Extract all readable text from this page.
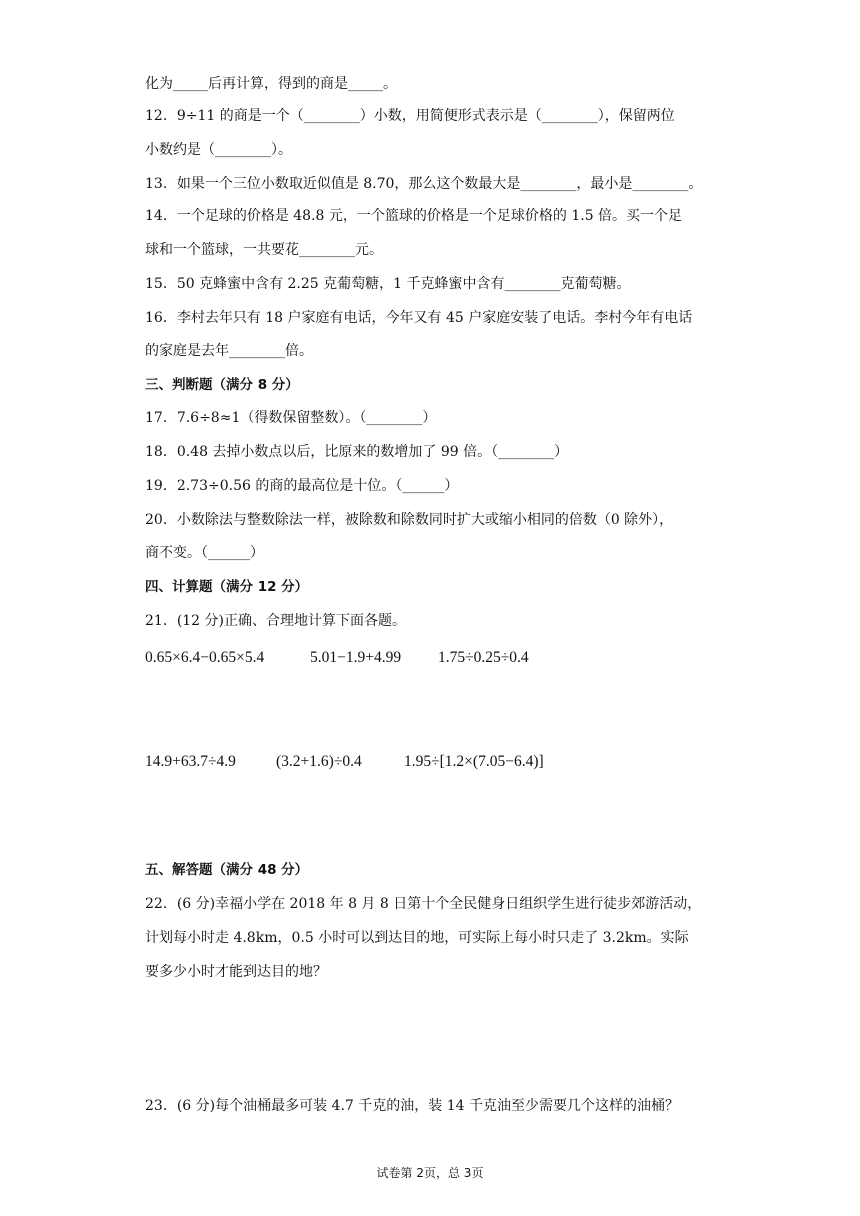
化为_____后再计算，得到的商是_____。
12．9÷11 的商是一个（________）小数，用简便形式表示是（________），保留两位
小数约是（________）。
13．如果一个三位小数取近似值是 8.70，那么这个数最大是________，最小是________。
14．一个足球的价格是 48.8 元，一个篮球的价格是一个足球价格的 1.5 倍。买一个足
球和一个篮球，一共要花________元。
15．50 克蜂蜜中含有 2.25 克葡萄糖，1 千克蜂蜜中含有________克葡萄糖。
16．李村去年只有 18 户家庭有电话，今年又有 45 户家庭安装了电话。李村今年有电话
的家庭是去年________倍。
三、判断题（满分 8 分）
17．7.6÷8≈1（得数保留整数）。（________）
18．0.48 去掉小数点以后，比原来的数增加了 99 倍。（________）
19．2.73÷0.56 的商的最高位是十位。（______）
20．小数除法与整数除法一样，被除数和除数同时扩大或缩小相同的倍数（0 除外），
商不变。（______）
四、计算题（满分 12 分）
21．(12 分)正确、合理地计算下面各题。
0.65×6.4−0.65×5.4	5.01−1.9+4.99 1.75÷0.25÷0.4
14.9+63.7÷4.9	(3.2+1.6)÷0.4	1.95÷[1.2×(7.05−6.4)]
五、解答题（满分 48 分）
22．(6 分)幸福小学在 2018 年 8 月 8 日第十个全民健身日组织学生进行徒步郊游活动，
计划每小时走 4.8km，0.5 小时可以到达目的地，可实际上每小时只走了 3.2km。实际
要多少小时才能到达目的地？
23．(6 分)每个油桶最多可装 4.7 千克的油，装 14 千克油至少需要几个这样的油桶？
试卷第 2页，总 3页
